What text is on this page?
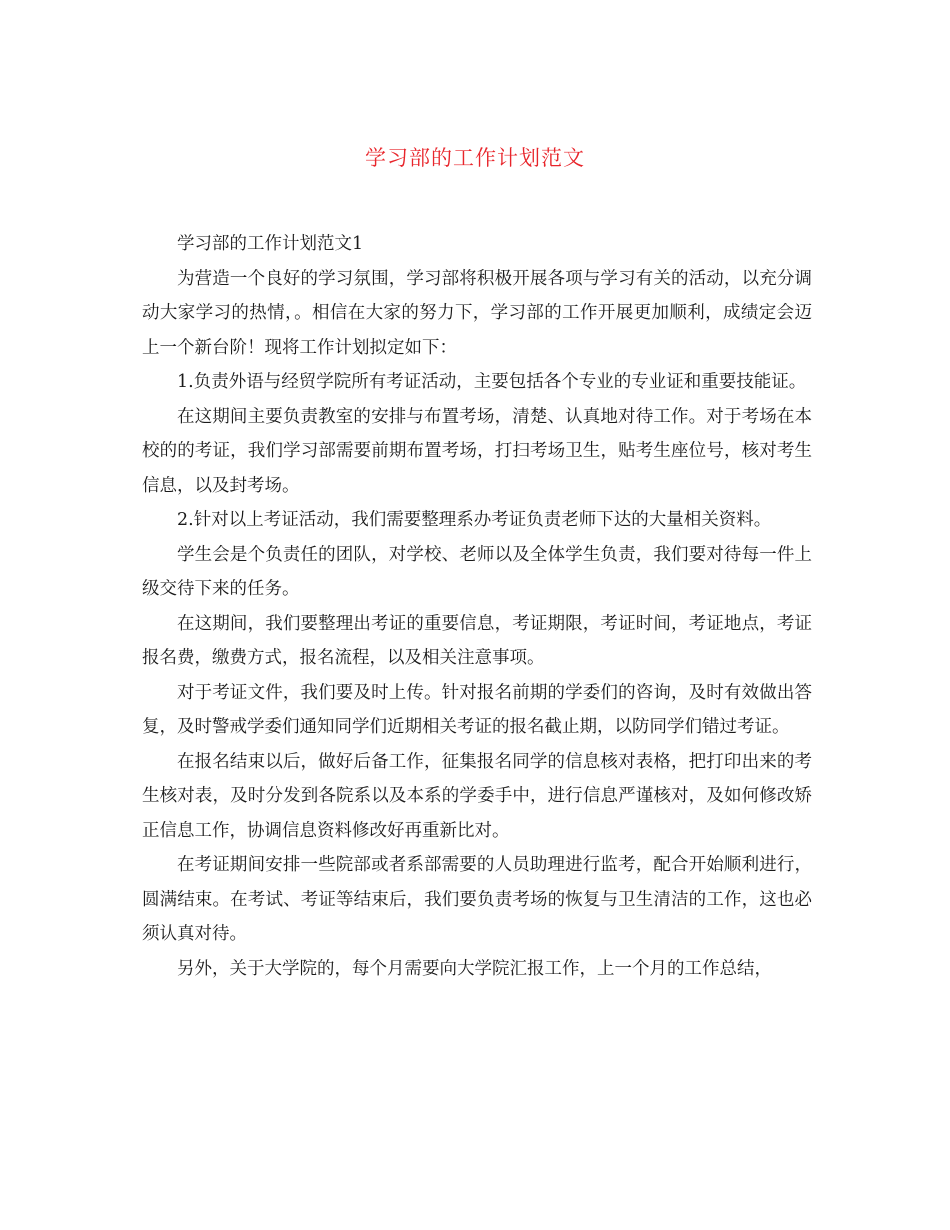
学习部的工作计划范文

学习部的工作计划范文1

为营造一个良好的学习氛围，学习部将积极开展各项与学习有关的活动，以充分调动大家学习的热情，。相信在大家的努力下，学习部的工作开展更加顺利，成绩定会迈上一个新台阶！现将工作计划拟定如下：

1.负责外语与经贸学院所有考证活动，主要包括各个专业的专业证和重要技能证。

在这期间主要负责教室的安排与布置考场，清楚、认真地对待工作。对于考场在本校的的考证，我们学习部需要前期布置考场，打扫考场卫生，贴考生座位号，核对考生信息，以及封考场。

2.针对以上考证活动，我们需要整理系办考证负责老师下达的大量相关资料。

学生会是个负责任的团队，对学校、老师以及全体学生负责，我们要对待每一件上级交待下来的任务。

在这期间，我们要整理出考证的重要信息，考证期限，考证时间，考证地点，考证报名费，缴费方式，报名流程，以及相关注意事项。

对于考证文件，我们要及时上传。针对报名前期的学委们的咨询，及时有效做出答复，及时警戒学委们通知同学们近期相关考证的报名截止期，以防同学们错过考证。

在报名结束以后，做好后备工作，征集报名同学的信息核对表格，把打印出来的考生核对表，及时分发到各院系以及本系的学委手中，进行信息严谨核对，及如何修改矫正信息工作，协调信息资料修改好再重新比对。

在考证期间安排一些院部或者系部需要的人员助理进行监考，配合开始顺利进行，圆满结束。在考试、考证等结束后，我们要负责考场的恢复与卫生清洁的工作，这也必须认真对待。

另外，关于大学院的，每个月需要向大学院汇报工作，上一个月的工作总结，
